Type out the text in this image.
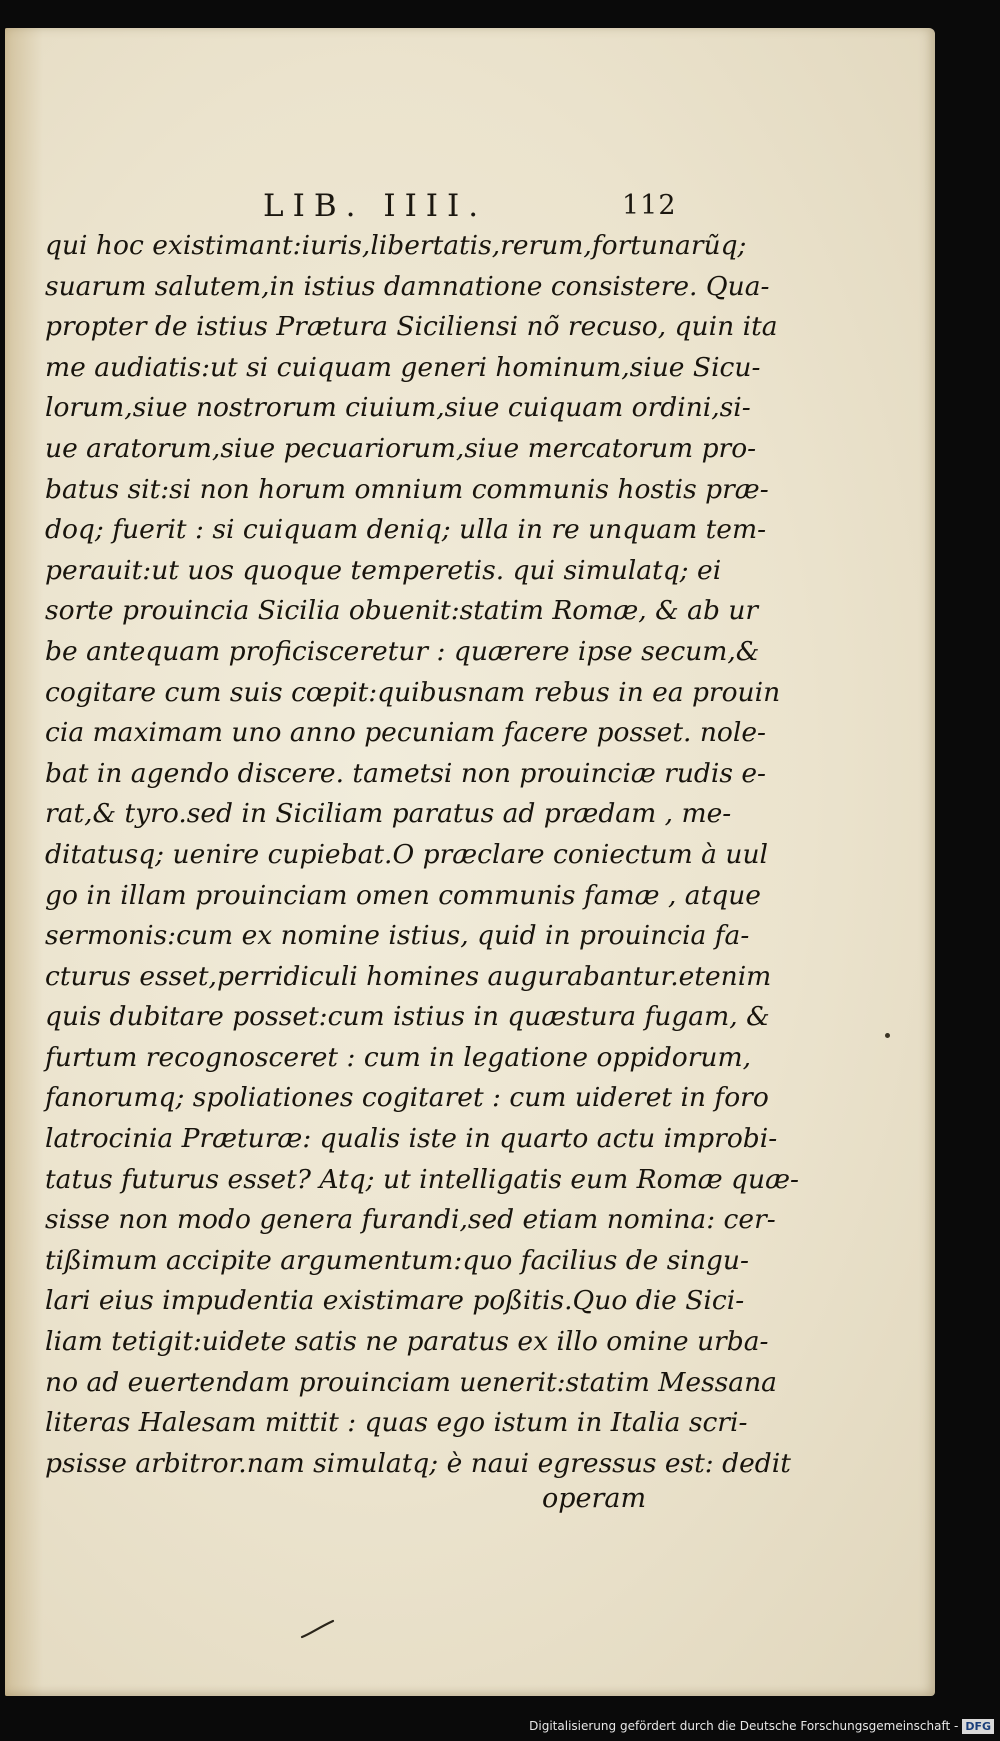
LIB. IIII.	112
qui hoc existimant:iuris,libertatis,rerum,fortunarũq;
suarum salutem,in istius damnatione consistere. Qua-
propter de istius Prætura Siciliensi nõ recuso, quin ita
me audiatis:ut si cuiquam generi hominum,siue Sicu-
lorum,siue nostrorum ciuium,siue cuiquam ordini,si-
ue aratorum,siue pecuariorum,siue mercatorum pro-
batus sit:si non horum omnium communis hostis præ-
doq; fuerit : si cuiquam deniq; ulla in re unquam tem-
perauit:ut uos quoque temperetis. qui simulatq; ei
sorte prouincia Sicilia obuenit:statim Romæ, & ab ur
be antequam proficisceretur : quærere ipse secum,&
cogitare cum suis cœpit:quibusnam rebus in ea prouin
cia maximam uno anno pecuniam facere posset. nole-
bat in agendo discere. tametsi non prouinciæ rudis e-
rat,& tyro.sed in Siciliam paratus ad prædam , me-
ditatusq; uenire cupiebat.O præclare coniectum à uul
go in illam prouinciam omen communis famæ , atque
sermonis:cum ex nomine istius, quid in prouincia fa-
cturus esset,perridiculi homines augurabantur.etenim
quis dubitare posset:cum istius in quæstura fugam, &
furtum recognosceret : cum in legatione oppidorum,
fanorumq; spoliationes cogitaret : cum uideret in foro
latrocinia Præturæ: qualis iste in quarto actu improbi-
tatus futurus esset? Atq; ut intelligatis eum Romæ quæ-
sisse non modo genera furandi,sed etiam nomina: cer-
tißimum accipite argumentum:quo facilius de singu-
lari eius impudentia existimare poßitis.Quo die Sici-
liam tetigit:uidete satis ne paratus ex illo omine urba-
no ad euertendam prouinciam uenerit:statim Messana
literas Halesam mittit : quas ego istum in Italia scri-
psisse arbitror.nam simulatq; è naui egressus est: dedit
operam
Digitalisierung gefördert durch die Deutsche Forschungsgemeinschaft - DFG
